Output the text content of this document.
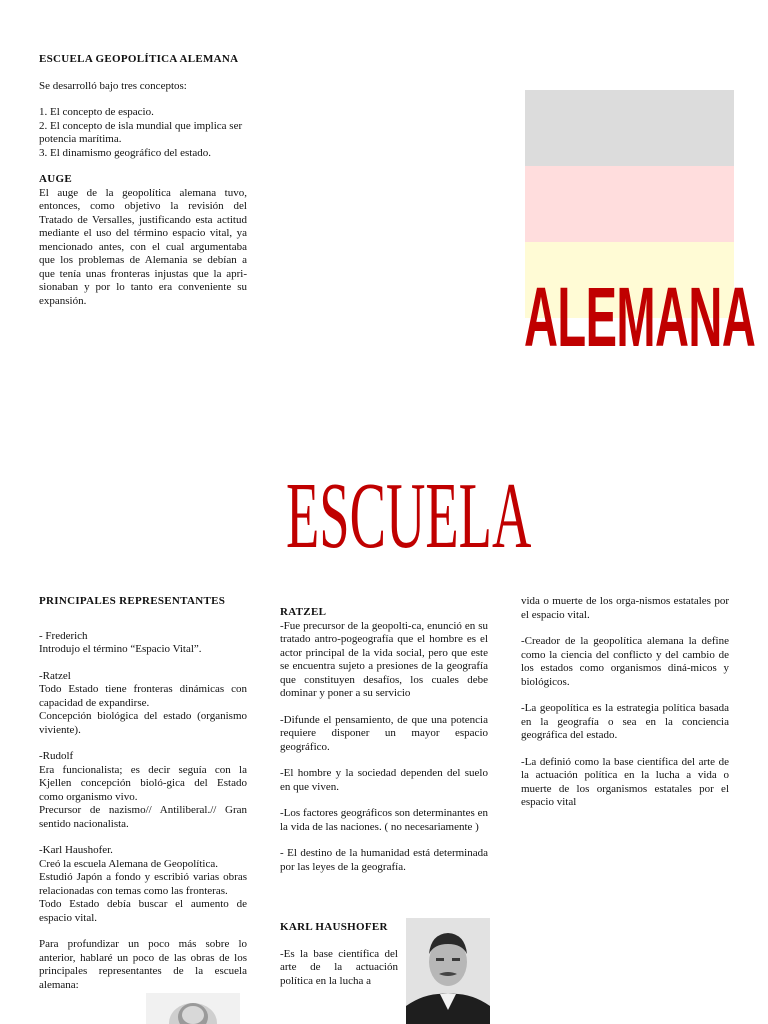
ESCUELA GEOPOLÍTICA ALEMANA

Se desarrolló bajo tres conceptos:

1. El concepto de espacio.

2. El concepto de isla mundial que implica ser potencia marítima.

3. El dinamismo geográfico del estado.

AUGE

El auge de la geopolítica alemana tuvo, entonces, como objetivo la revisión del Tratado de Versalles, justificando esta actitud mediante el uso del término espacio vital, ya mencionado antes, con el cual argumentaba que los problemas de Alemania se debían a que tenía unas fronteras injustas que la apri-sionaban y por lo tanto era conveniente su expansión.	ALEMANA
ESCUELA

PRINCIPALES REPRESENTANTES

- Frederich

Introdujo el término “Espacio Vital”.

-Ratzel

Todo Estado tiene fronteras dinámicas con capacidad de expandirse.

Concepción biológica del estado (organismo viviente).

-Rudolf

Era funcionalista; es decir seguía con la Kjellen concepción bioló-gica del Estado como organismo vivo.

Precursor de nazismo// Antiliberal.// Gran sentido nacionalista.

-Karl Haushofer.

Creó la escuela Alemana de Geopolítica.

Estudió Japón a fondo y escribió varias obras relacionadas con temas como las fronteras.

Todo Estado debía buscar el aumento de espacio vital.

Para profundizar un poco más sobre lo anterior, hablaré un poco de las obras de los principales representantes de la escuela alemana:

RATZEL

-Fue precursor de la geopolti-ca, enunció en su tratado antro-pogeografía que el hombre es el actor principal de la vida social, pero que este se encuentra sujeto a presiones de la geografía que constituyen desafíos, los cuales debe dominar y poner a su servicio

-Difunde el pensamiento, de que una potencia requiere disponer un mayor espacio geográfico.

-El hombre y la sociedad dependen del suelo en que viven.

-Los factores geográficos son determinantes en la vida de las naciones. ( no necesariamente )

- El destino de la humanidad está determinada por las leyes de la geografía.

KARL HAUSHOFER

-Es la base científica del arte de la actuación política en la lucha a

vida o muerte de los orga-nismos estatales por el espacio vital.

-Creador de la geopolítica alemana la define como la ciencia del conflicto y del cambio de los estados como organismos diná-micos y biológicos.

-La geopolítica es la estrategia política basada en la geografía o sea en la conciencia geográfica del estado.

-La definió como la base científica del arte de la actuación política en la lucha a vida o muerte de los organismos estatales por el espacio vital
